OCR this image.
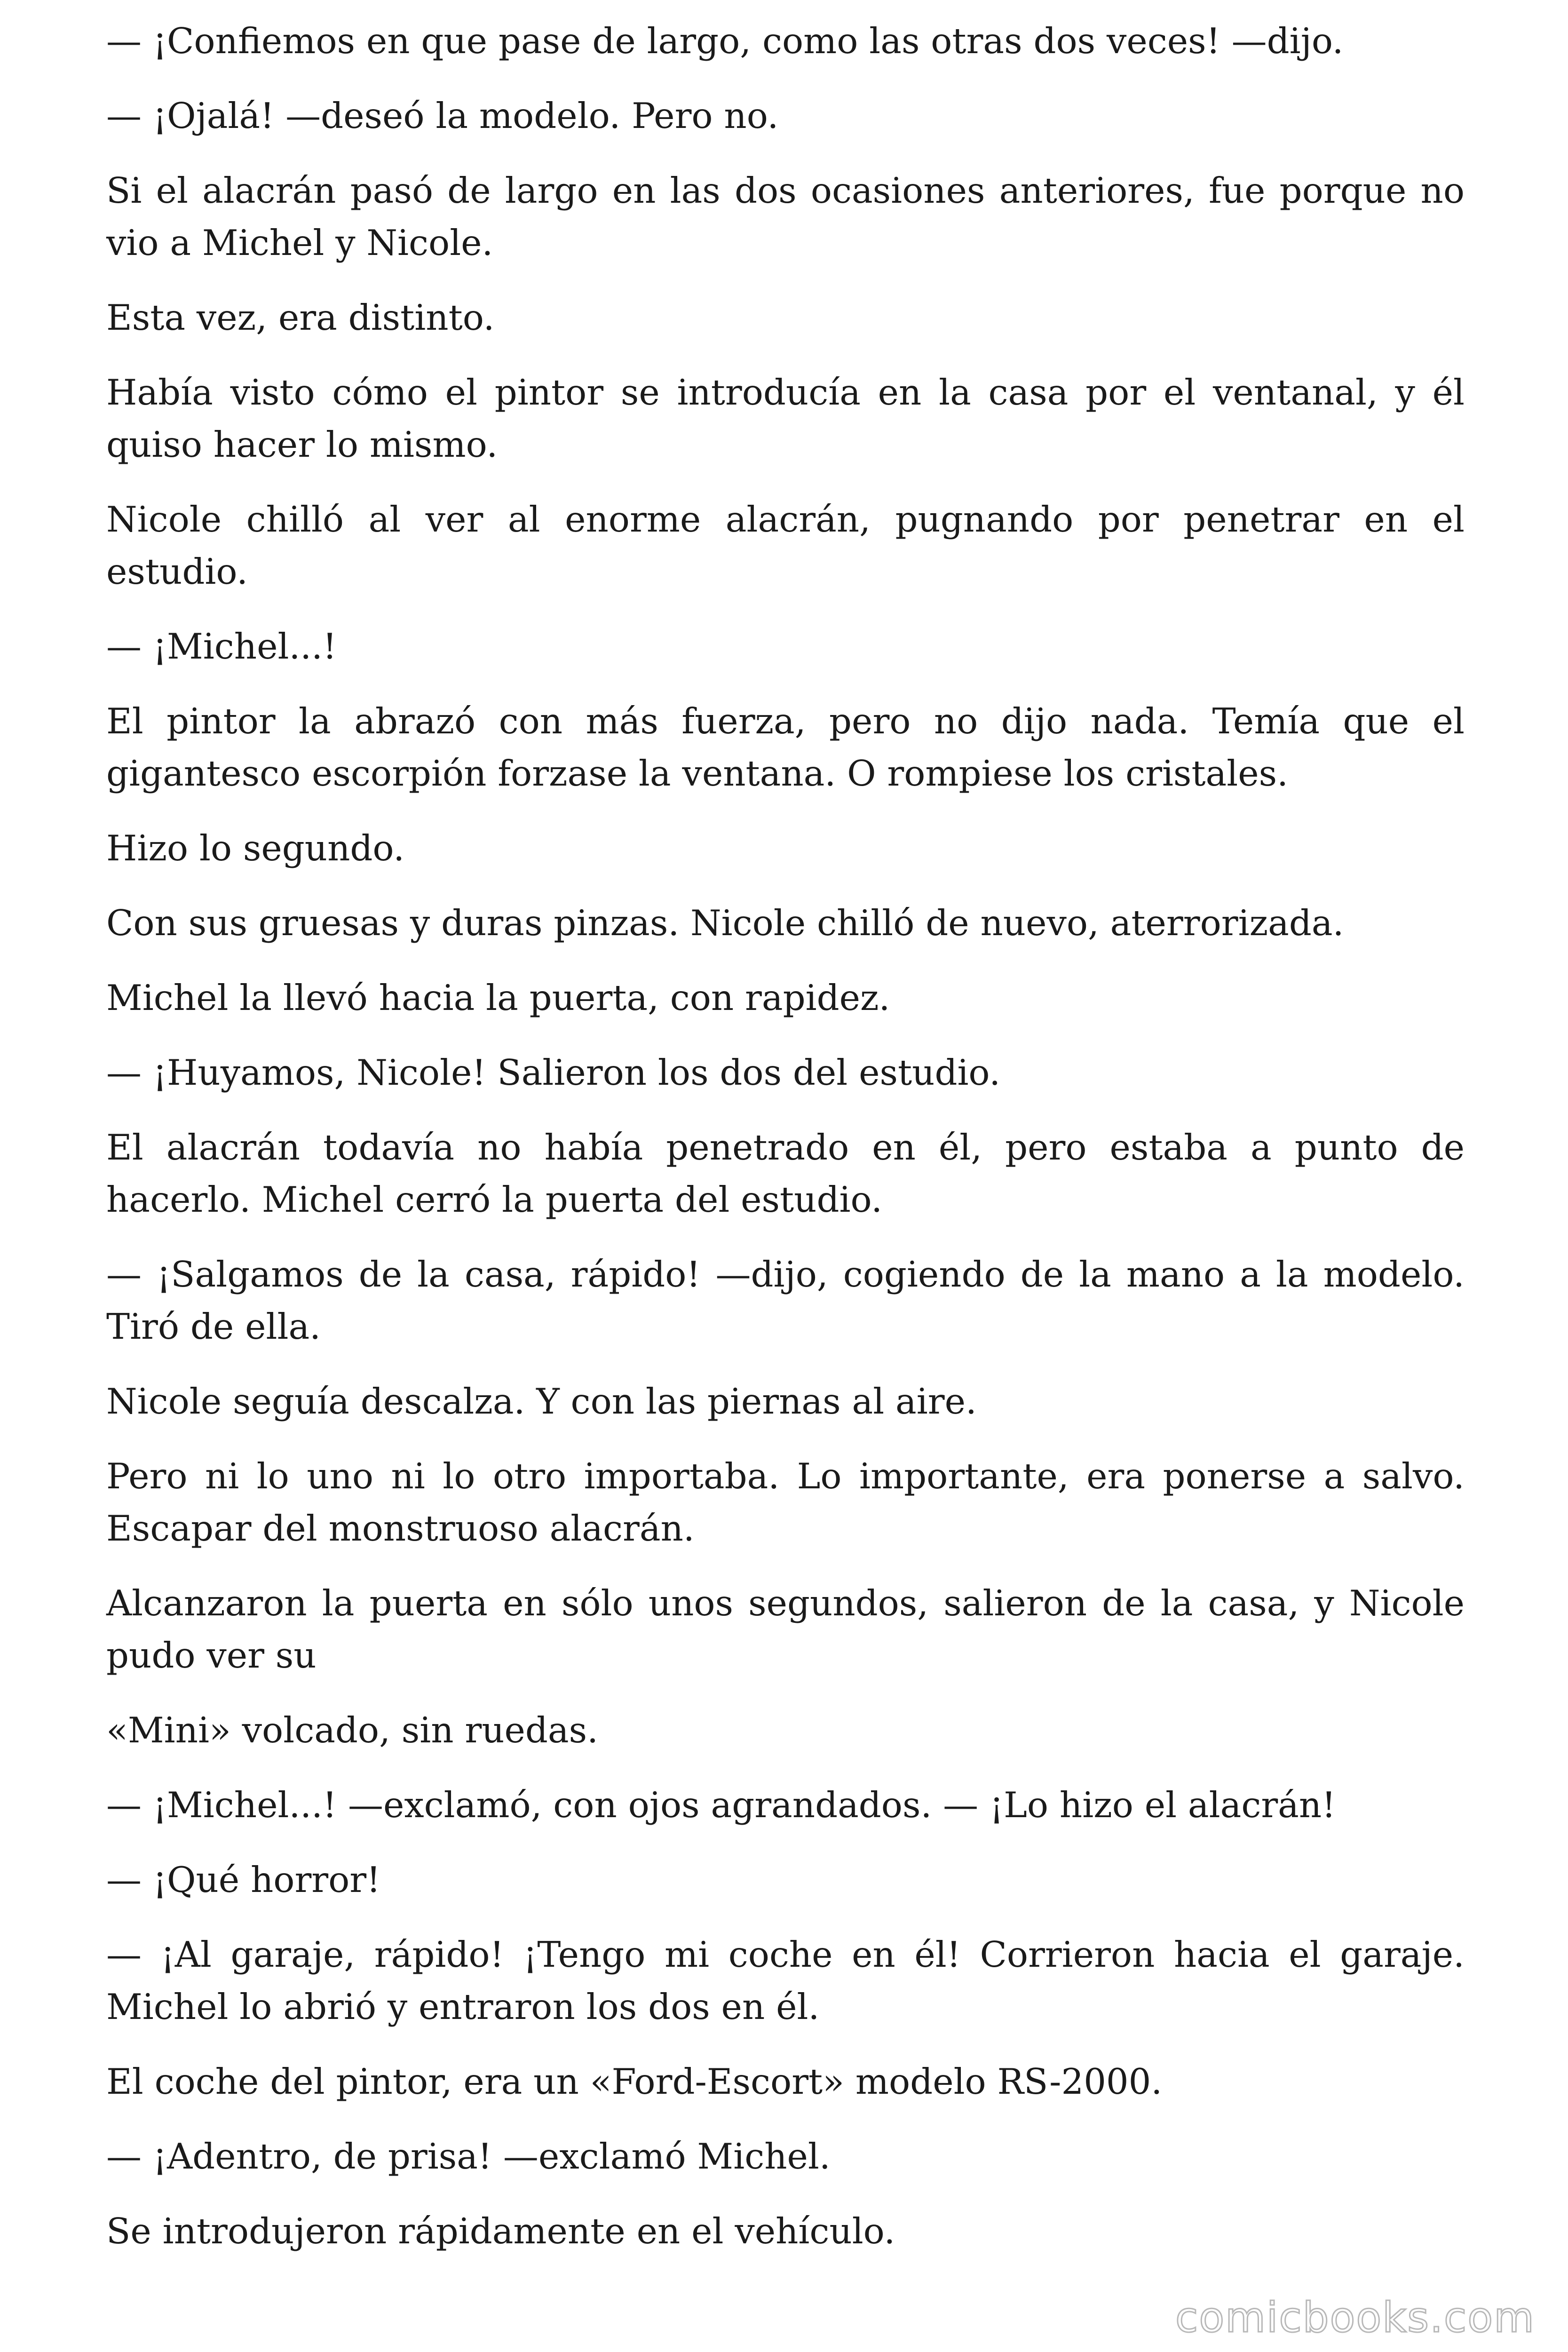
— ¡Confiemos en que pase de largo, como las otras dos veces! —dijo.

— ¡Ojalá! —deseó la modelo. Pero no.

Si el alacrán pasó de largo en las dos ocasiones anteriores, fue porque no vio a Michel y Nicole.

Esta vez, era distinto.

Había visto cómo el pintor se introducía en la casa por el ventanal, y él quiso hacer lo mismo.

Nicole chilló al ver al enorme alacrán, pugnando por penetrar en el estudio.

— ¡Michel...!

El pintor la abrazó con más fuerza, pero no dijo nada. Temía que el gigantesco escorpión forzase la ventana. O rompiese los cristales.

Hizo lo segundo.

Con sus gruesas y duras pinzas. Nicole chilló de nuevo, aterrorizada.

Michel la llevó hacia la puerta, con rapidez.

— ¡Huyamos, Nicole! Salieron los dos del estudio.

El alacrán todavía no había penetrado en él, pero estaba a punto de hacerlo. Michel cerró la puerta del estudio.

— ¡Salgamos de la casa, rápido! —dijo, cogiendo de la mano a la modelo. Tiró de ella.

Nicole seguía descalza. Y con las piernas al aire.

Pero ni lo uno ni lo otro importaba. Lo importante, era ponerse a salvo. Escapar del monstruoso alacrán.

Alcanzaron la puerta en sólo unos segundos, salieron de la casa, y Nicole pudo ver su

«Mini» volcado, sin ruedas.

— ¡Michel...! —exclamó, con ojos agrandados. — ¡Lo hizo el alacrán!

— ¡Qué horror!

— ¡Al garaje, rápido! ¡Tengo mi coche en él! Corrieron hacia el garaje. Michel lo abrió y entraron los dos en él.

El coche del pintor, era un «Ford-Escort» modelo RS-2000.

— ¡Adentro, de prisa! —exclamó Michel.

Se introdujeron rápidamente en el vehículo.

comicbooks.com
